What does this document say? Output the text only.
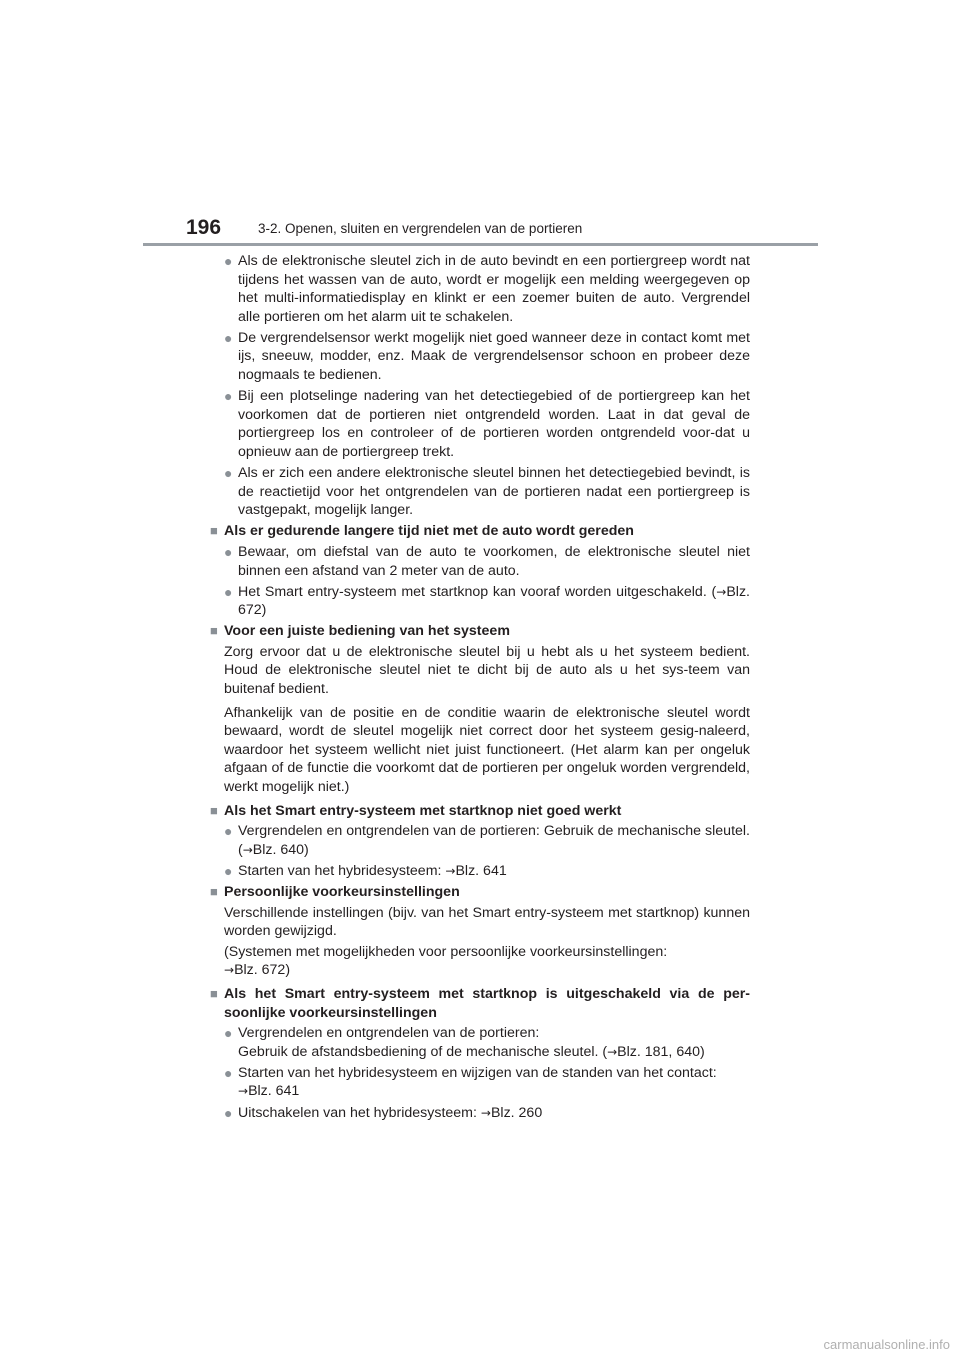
196	3-2. Openen, sluiten en vergrendelen van de portieren
● Als de elektronische sleutel zich in de auto bevindt en een portiergreep wordt nat tijdens het wassen van de auto, wordt er mogelijk een melding weergegeven op het multi-informatiedisplay en klinkt er een zoemer buiten de auto. Vergrendel alle portieren om het alarm uit te schakelen.
● De vergrendelsensor werkt mogelijk niet goed wanneer deze in contact komt met ijs, sneeuw, modder, enz. Maak de vergrendelsensor schoon en probeer deze nogmaals te bedienen.
● Bij een plotselinge nadering van het detectiegebied of de portiergreep kan het voorkomen dat de portieren niet ontgrendeld worden. Laat in dat geval de portiergreep los en controleer of de portieren worden ontgrendeld voor-dat u opnieuw aan de portiergreep trekt.
● Als er zich een andere elektronische sleutel binnen het detectiegebied bevindt, is de reactietijd voor het ontgrendelen van de portieren nadat een portiergreep is vastgepakt, mogelijk langer.
■ Als er gedurende langere tijd niet met de auto wordt gereden
● Bewaar, om diefstal van de auto te voorkomen, de elektronische sleutel niet binnen een afstand van 2 meter van de auto.
● Het Smart entry-systeem met startknop kan vooraf worden uitgeschakeld. (→Blz. 672)
■ Voor een juiste bediening van het systeem
Zorg ervoor dat u de elektronische sleutel bij u hebt als u het systeem bedient. Houd de elektronische sleutel niet te dicht bij de auto als u het sys-teem van buitenaf bedient.
Afhankelijk van de positie en de conditie waarin de elektronische sleutel wordt bewaard, wordt de sleutel mogelijk niet correct door het systeem gesig-naleerd, waardoor het systeem wellicht niet juist functioneert. (Het alarm kan per ongeluk afgaan of de functie die voorkomt dat de portieren per ongeluk worden vergrendeld, werkt mogelijk niet.)
■ Als het Smart entry-systeem met startknop niet goed werkt
● Vergrendelen en ontgrendelen van de portieren: Gebruik de mechanische sleutel. (→Blz. 640)
● Starten van het hybridesysteem: →Blz. 641
■ Persoonlijke voorkeursinstellingen
Verschillende instellingen (bijv. van het Smart entry-systeem met startknop) kunnen worden gewijzigd.
(Systemen met mogelijkheden voor persoonlijke voorkeursinstellingen:
→Blz. 672)
■ Als het Smart entry-systeem met startknop is uitgeschakeld via de per-soonlijke voorkeursinstellingen
● Vergrendelen en ontgrendelen van de portieren:
Gebruik de afstandsbediening of de mechanische sleutel. (→Blz. 181, 640)
● Starten van het hybridesysteem en wijzigen van de standen van het contact:
→Blz. 641
● Uitschakelen van het hybridesysteem: →Blz. 260
carmanualsonline.info
